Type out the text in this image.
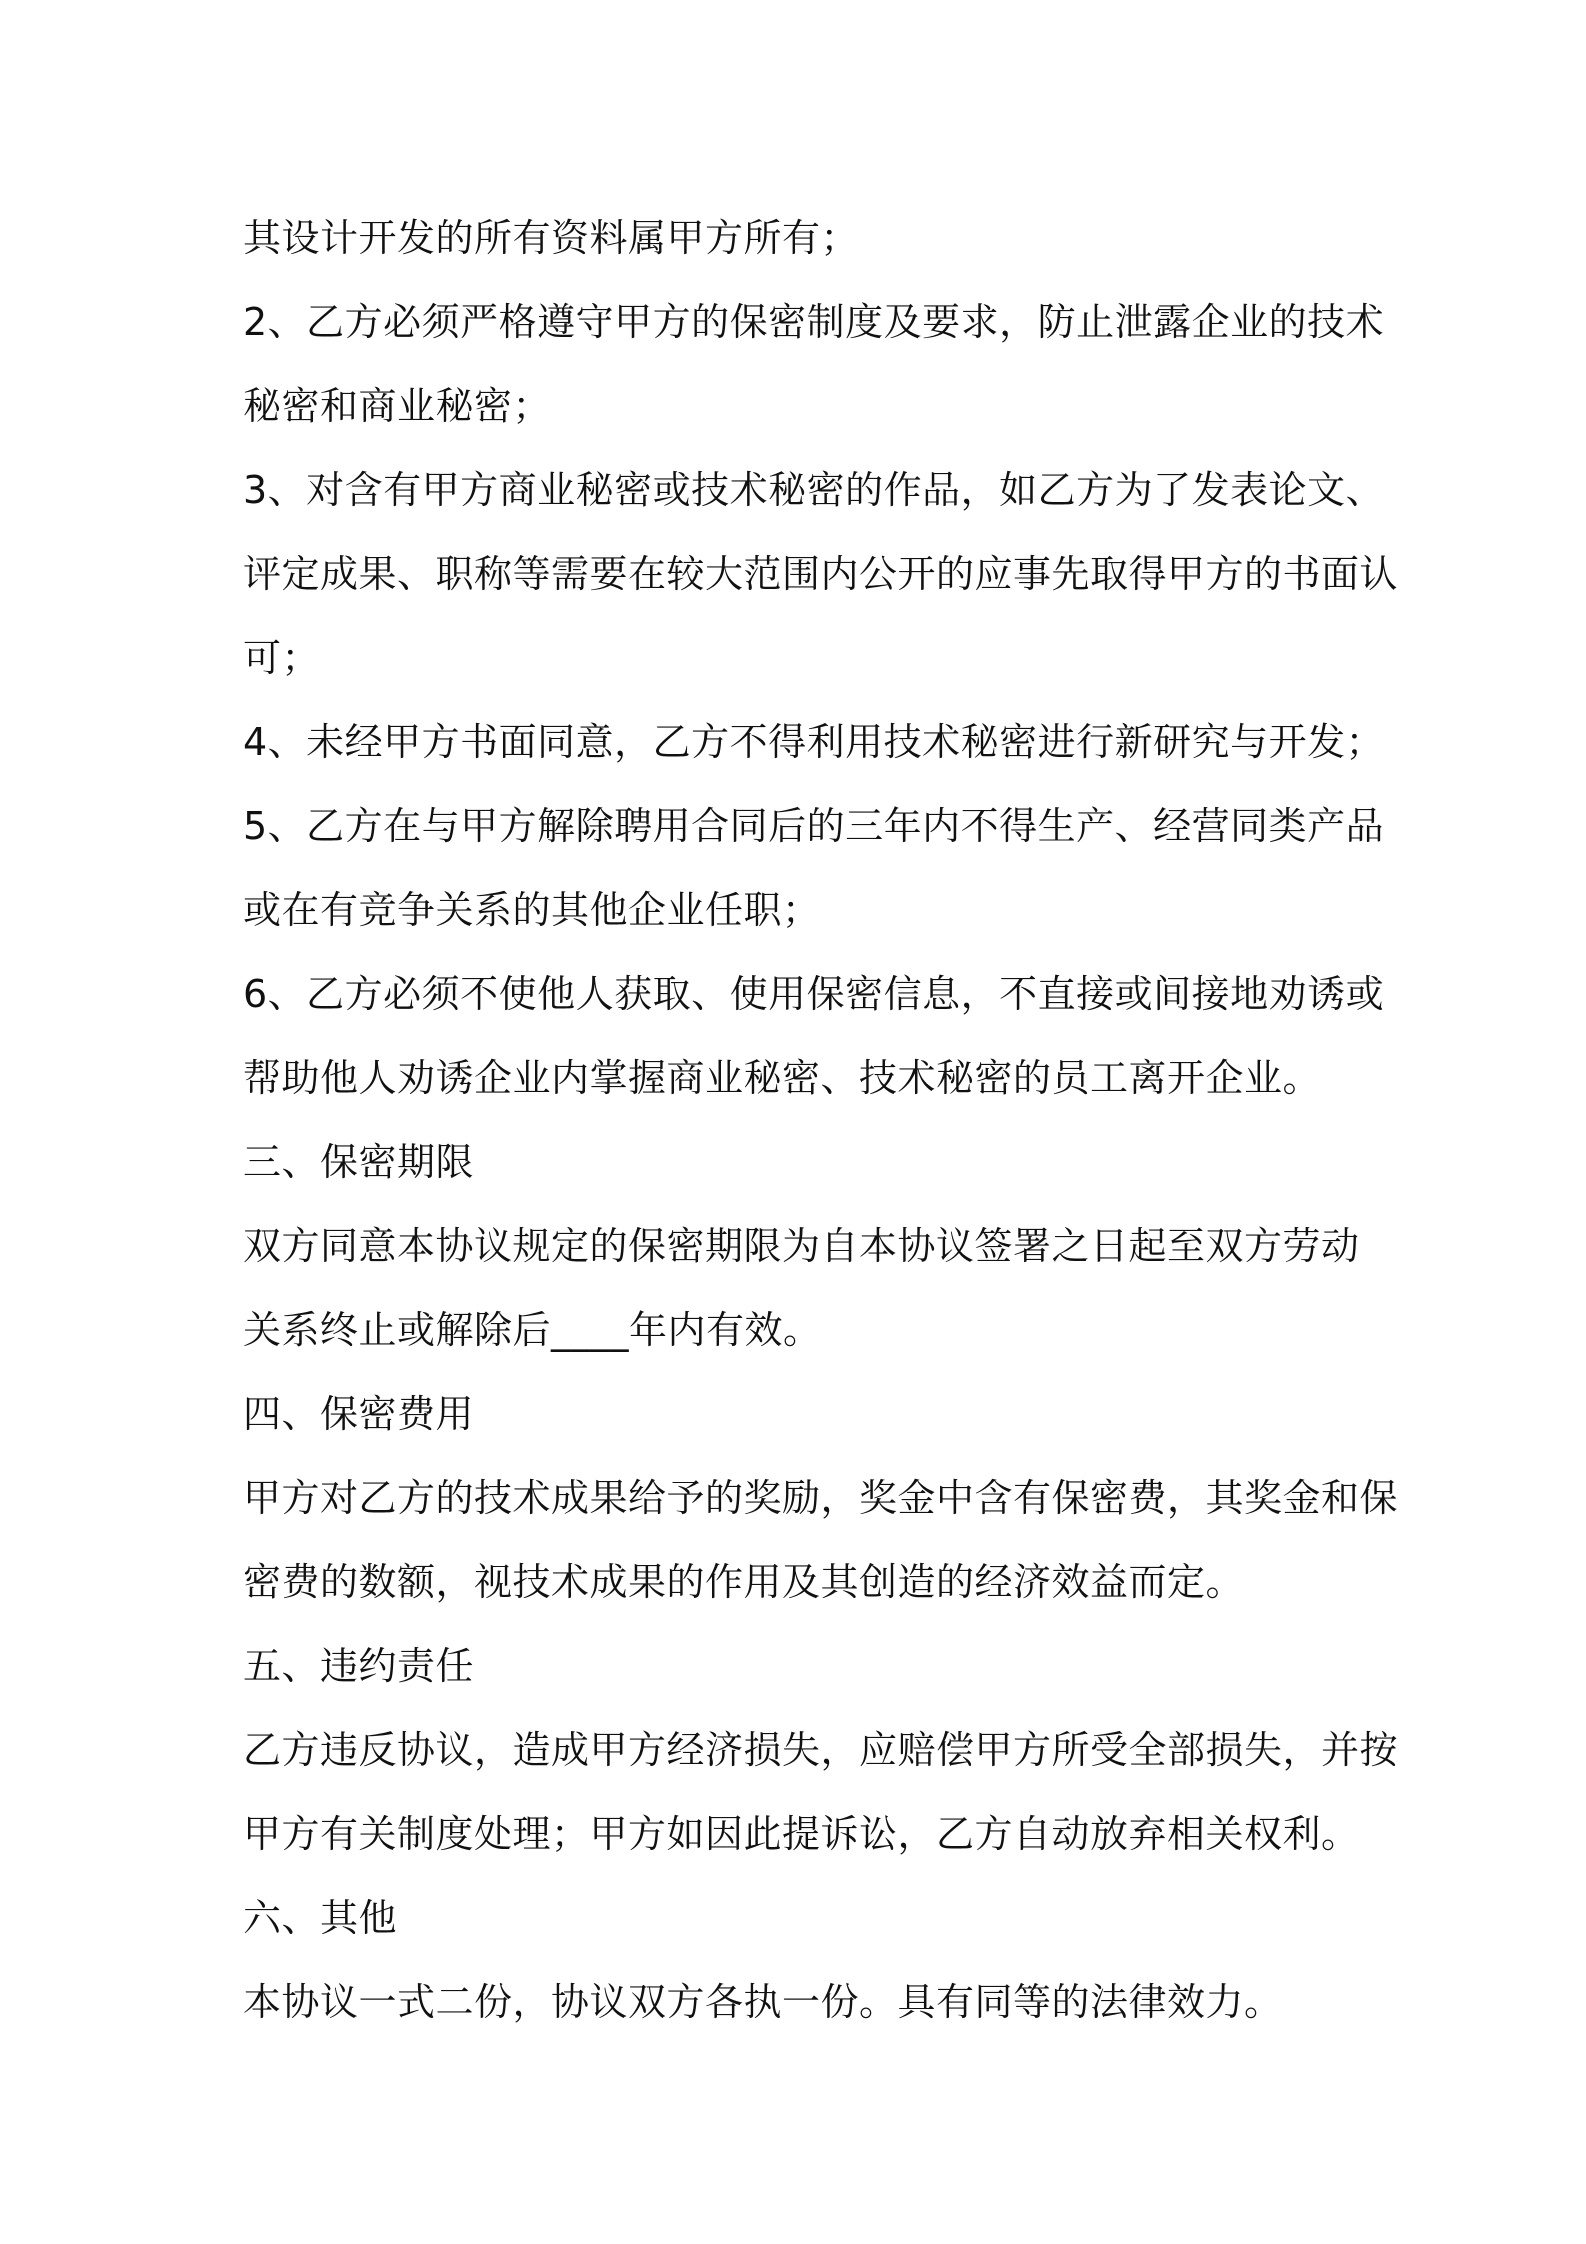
其设计开发的所有资料属甲方所有；
2、乙方必须严格遵守甲方的保密制度及要求，防止泄露企业的技术
秘密和商业秘密；
3、对含有甲方商业秘密或技术秘密的作品，如乙方为了发表论文、
评定成果、职称等需要在较大范围内公开的应事先取得甲方的书面认
可；
4、未经甲方书面同意，乙方不得利用技术秘密进行新研究与开发；
5、乙方在与甲方解除聘用合同后的三年内不得生产、经营同类产品
或在有竞争关系的其他企业任职；
6、乙方必须不使他人获取、使用保密信息，不直接或间接地劝诱或
帮助他人劝诱企业内掌握商业秘密、技术秘密的员工离开企业。
三、保密期限
双方同意本协议规定的保密期限为自本协议签署之日起至双方劳动
关系终止或解除后____年内有效。
四、保密费用
甲方对乙方的技术成果给予的奖励，奖金中含有保密费，其奖金和保
密费的数额，视技术成果的作用及其创造的经济效益而定。
五、违约责任
乙方违反协议，造成甲方经济损失，应赔偿甲方所受全部损失，并按
甲方有关制度处理；甲方如因此提诉讼，乙方自动放弃相关权利。
六、其他
本协议一式二份，协议双方各执一份。具有同等的法律效力。
